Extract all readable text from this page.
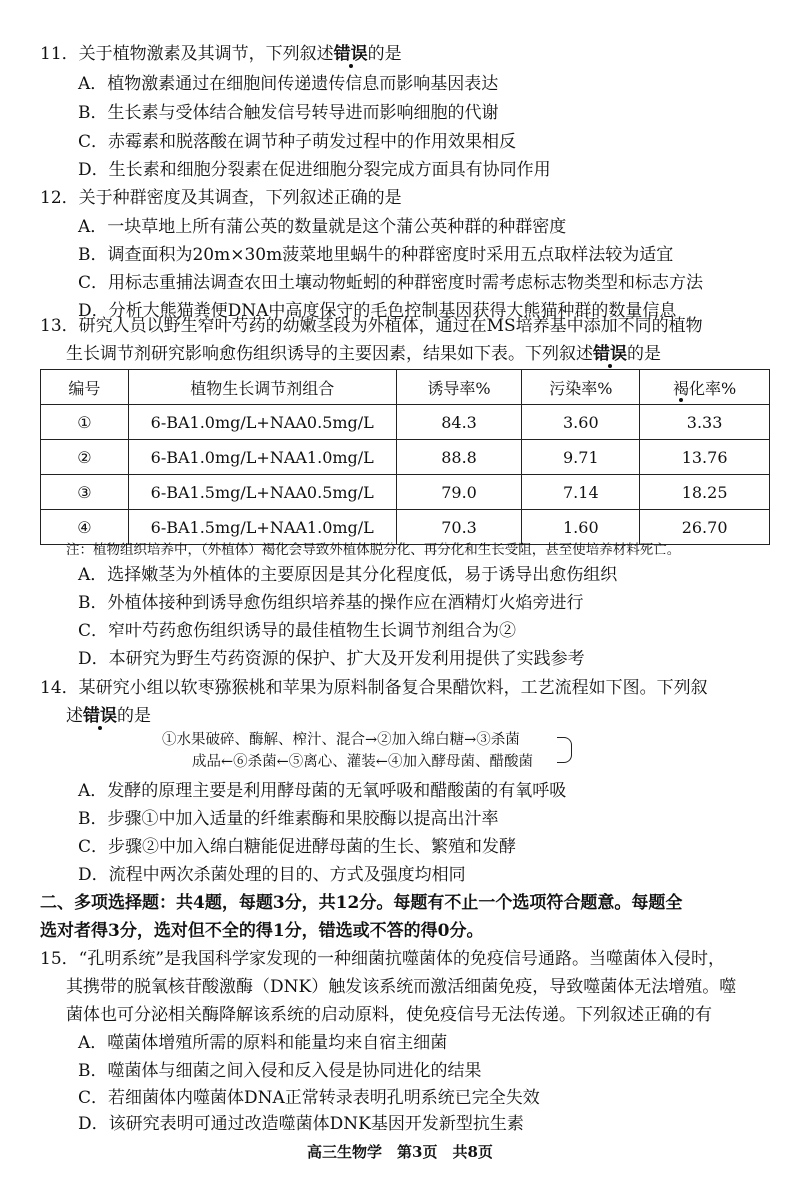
11．关于植物激素及其调节，下列叙述错误的是
A．植物激素通过在细胞间传递遗传信息而影响基因表达
B．生长素与受体结合触发信号转导进而影响细胞的代谢
C．赤霉素和脱落酸在调节种子萌发过程中的作用效果相反
D．生长素和细胞分裂素在促进细胞分裂完成方面具有协同作用
12．关于种群密度及其调查，下列叙述正确的是
A．一块草地上所有蒲公英的数量就是这个蒲公英种群的种群密度
B．调查面积为20m×30m菠菜地里蜗牛的种群密度时采用五点取样法较为适宜
C．用标志重捕法调查农田土壤动物蚯蚓的种群密度时需考虑标志物类型和标志方法
D．分析大熊猫粪便DNA中高度保守的毛色控制基因获得大熊猫种群的数量信息
13．研究人员以野生窄叶芍药的幼嫩茎段为外植体，通过在MS培养基中添加不同的植物
生长调节剂研究影响愈伤组织诱导的主要因素，结果如下表。下列叙述错误的是
编号	植物生长调节剂组合	诱导率%	污染率%	褐化率%
①	6-BA1.0mg/L+NAA0.5mg/L	84.3	3.60	3.33
②	6-BA1.0mg/L+NAA1.0mg/L	88.8	9.71	13.76
③	6-BA1.5mg/L+NAA0.5mg/L	79.0	7.14	18.25
④	6-BA1.5mg/L+NAA1.0mg/L	70.3	1.60	26.70
注：植物组织培养中，（外植体）褐化会导致外植体脱分化、再分化和生长受阻，甚至使培养材料死亡。
A．选择嫩茎为外植体的主要原因是其分化程度低，易于诱导出愈伤组织
B．外植体接种到诱导愈伤组织培养基的操作应在酒精灯火焰旁进行
C．窄叶芍药愈伤组织诱导的最佳植物生长调节剂组合为②
D．本研究为野生芍药资源的保护、扩大及开发利用提供了实践参考
14．某研究小组以软枣猕猴桃和苹果为原料制备复合果醋饮料，工艺流程如下图。下列叙
述错误的是
①水果破碎、酶解、榨汁、混合→②加入绵白糖→③杀菌
成品←⑥杀菌←⑤离心、灌装←④加入酵母菌、醋酸菌
A．发酵的原理主要是利用酵母菌的无氧呼吸和醋酸菌的有氧呼吸
B．步骤①中加入适量的纤维素酶和果胶酶以提高出汁率
C．步骤②中加入绵白糖能促进酵母菌的生长、繁殖和发酵
D．流程中两次杀菌处理的目的、方式及强度均相同
二、多项选择题：共4题，每题3分，共12分。每题有不止一个选项符合题意。每题全
选对者得3分，选对但不全的得1分，错选或不答的得0分。
15．“孔明系统”是我国科学家发现的一种细菌抗噬菌体的免疫信号通路。当噬菌体入侵时，
其携带的脱氧核苷酸激酶（DNK）触发该系统而激活细菌免疫，导致噬菌体无法增殖。噬
菌体也可分泌相关酶降解该系统的启动原料，使免疫信号无法传递。下列叙述正确的有
A．噬菌体增殖所需的原料和能量均来自宿主细菌
B．噬菌体与细菌之间入侵和反入侵是协同进化的结果
C．若细菌体内噬菌体DNA正常转录表明孔明系统已完全失效
高三生物学　第3页　共8页
D．该研究表明可通过改造噬菌体DNK基因开发新型抗生素
